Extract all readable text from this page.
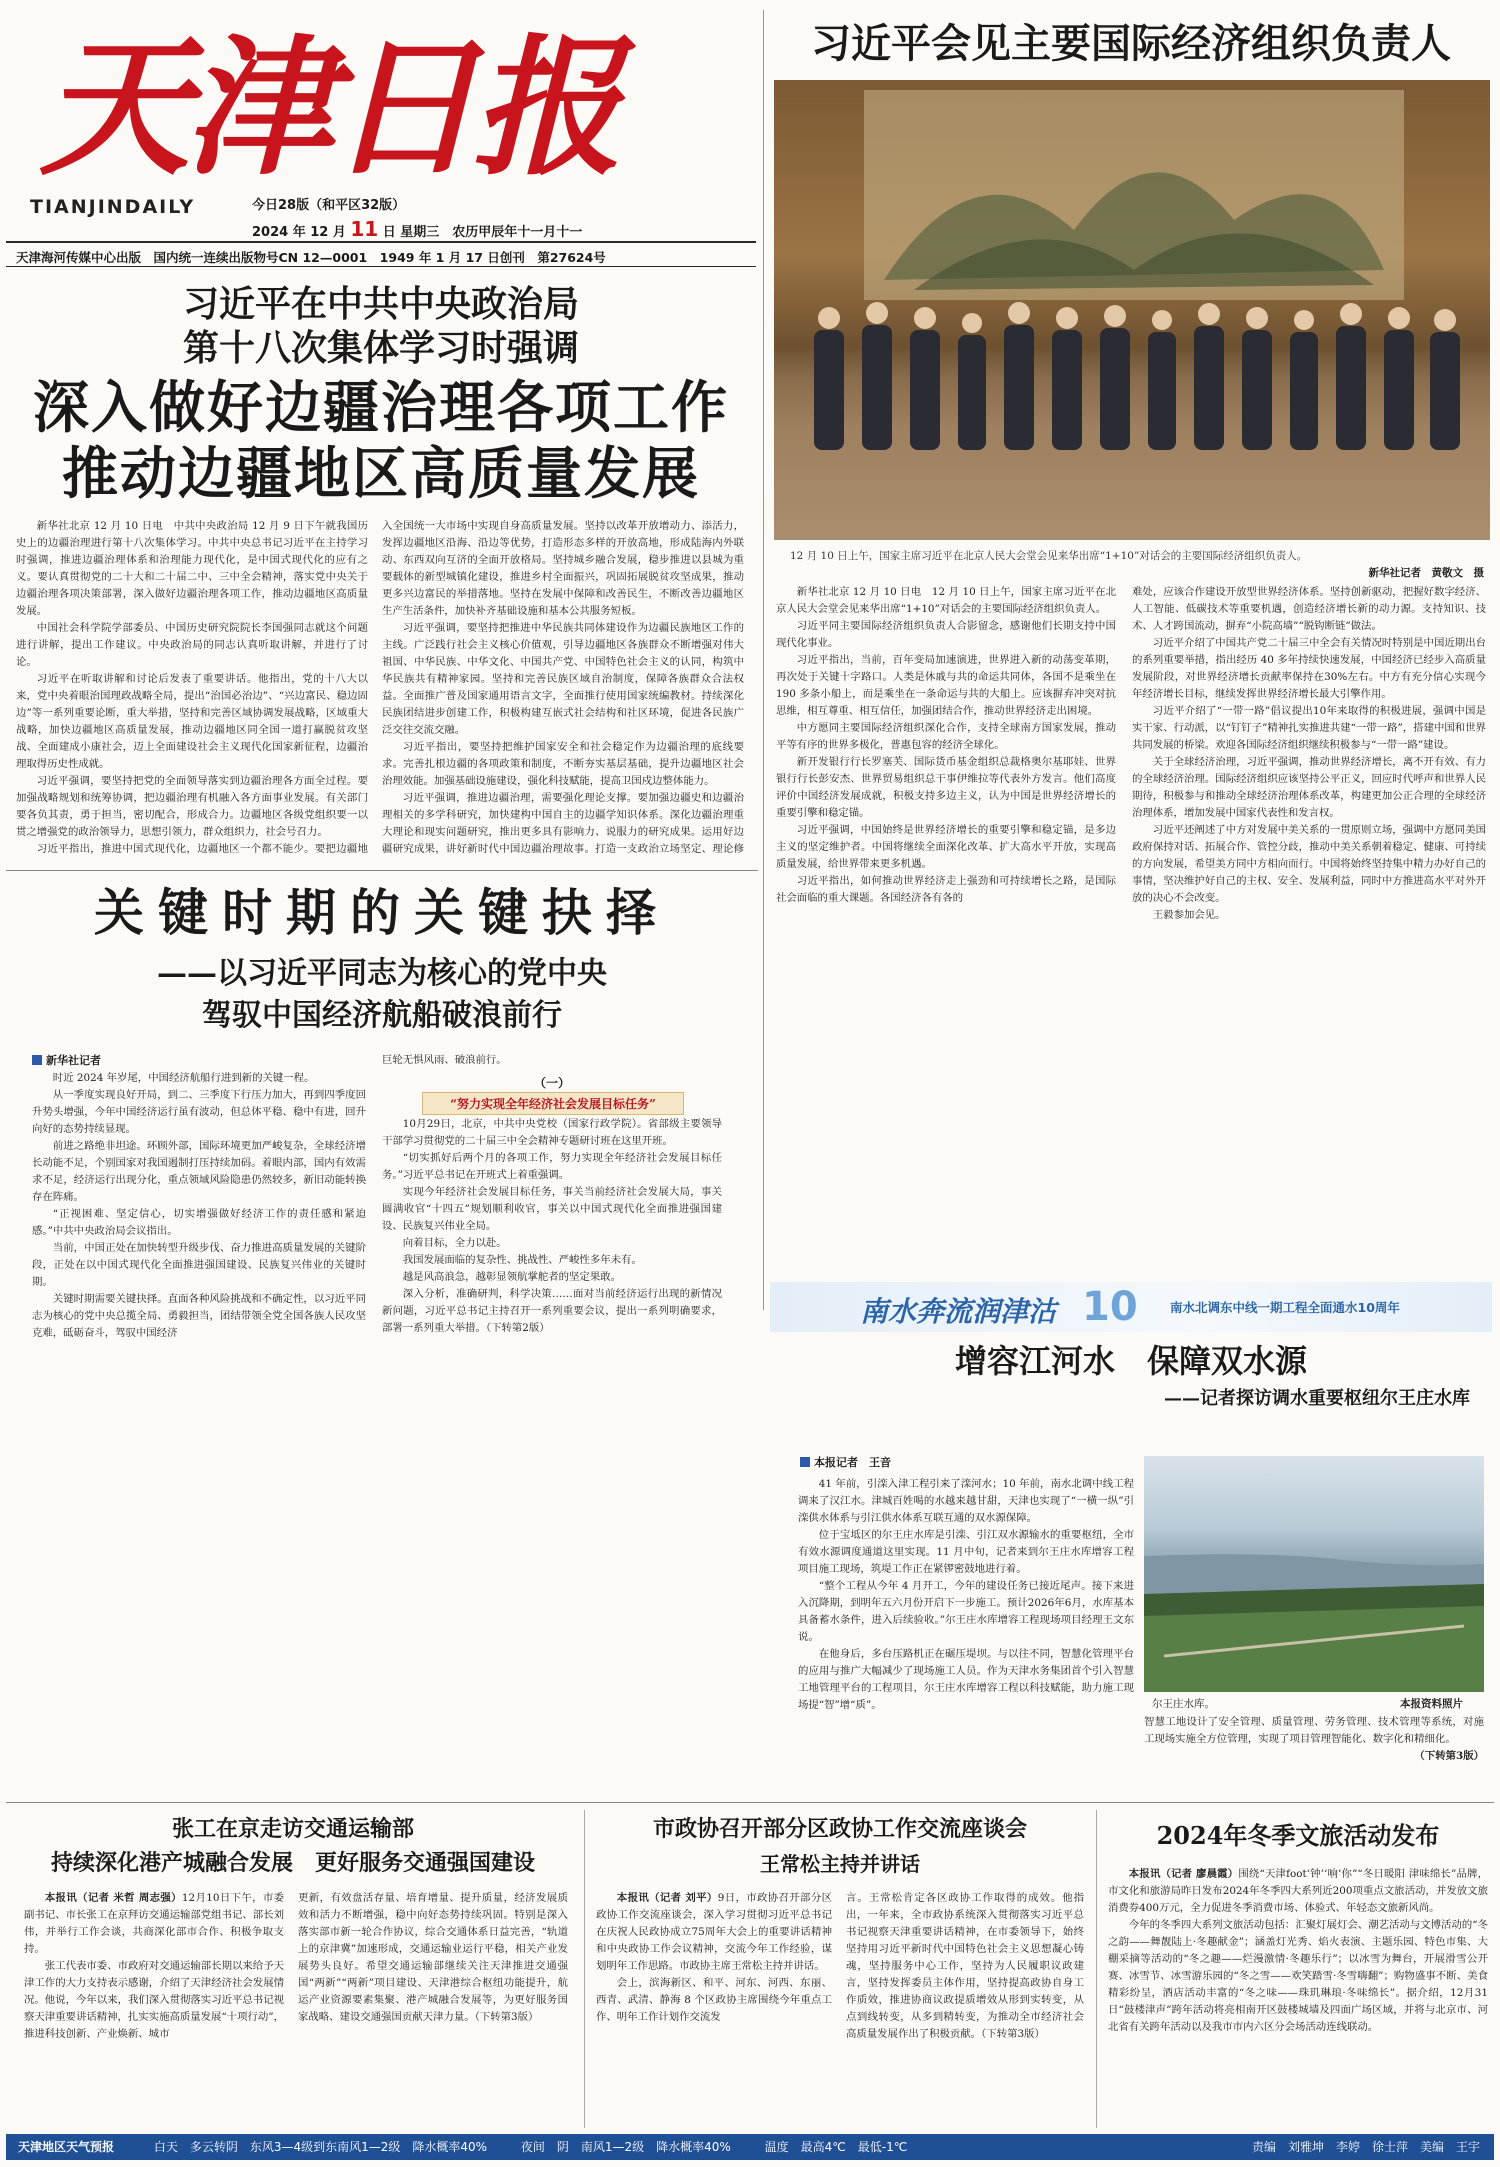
天津日报
TIANJINDAILY	今日28版（和平区32版）
2024 年 12 月 11 日 星期三　农历甲辰年十一月十一
天津海河传媒中心出版　国内统一连续出版物号CN 12—0001　1949 年 1 月 17 日创刊　第27624号
习近平在中共中央政治局
第十八次集体学习时强调
深入做好边疆治理各项工作
推动边疆地区高质量发展

新华社北京 12 月 10 日电　中共中央政治局 12 月 9 日下午就我国历史上的边疆治理进行第十八次集体学习。中共中央总书记习近平在主持学习时强调，推进边疆治理体系和治理能力现代化，是中国式现代化的应有之义。要认真贯彻党的二十大和二十届二中、三中全会精神，落实党中央关于边疆治理各项决策部署，深入做好边疆治理各项工作，推动边疆地区高质量发展。

中国社会科学院学部委员、中国历史研究院院长李国强同志就这个问题进行讲解，提出工作建议。中央政治局的同志认真听取讲解，并进行了讨论。

习近平在听取讲解和讨论后发表了重要讲话。他指出，党的十八大以来，党中央着眼治国理政战略全局，提出“治国必治边”、“兴边富民、稳边固边”等一系列重要论断，重大举措，坚持和完善区域协调发展战略，区域重大战略，加快边疆地区高质量发展，推动边疆地区同全国一道打赢脱贫攻坚战、全面建成小康社会，迈上全面建设社会主义现代化国家新征程，边疆治理取得历史性成就。

习近平强调，要坚持把党的全面领导落实到边疆治理各方面全过程。要加强战略规划和统筹协调，把边疆治理有机融入各方面事业发展。有关部门要各负其责，勇于担当，密切配合，形成合力。边疆地区各级党组织要一以贯之增强党的政治领导力，思想引领力，群众组织力，社会号召力。

习近平指出，推进中国式现代化，边疆地区一个都不能少。要把边疆地

入全国统一大市场中实现自身高质量发展。坚持以改革开放增动力、添活力，发挥边疆地区沿海、沿边等优势，打造形态多样的开放高地，形成陆海内外联动、东西双向互济的全面开放格局。坚持城乡融合发展，稳步推进以县城为重要载体的新型城镇化建设，推进乡村全面振兴，巩固拓展脱贫攻坚成果，推动更多兴边富民的举措落地。坚持在发展中保障和改善民生，不断改善边疆地区生产生活条件，加快补齐基础设施和基本公共服务短板。

习近平强调，要坚持把推进中华民族共同体建设作为边疆民族地区工作的主线。广泛践行社会主义核心价值观，引导边疆地区各族群众不断增强对伟大祖国、中华民族、中华文化、中国共产党、中国特色社会主义的认同，构筑中华民族共有精神家园。坚持和完善民族区域自治制度，保障各族群众合法权益。全面推广普及国家通用语言文字，全面推行使用国家统编教材。持续深化民族团结进步创建工作，积极构建互嵌式社会结构和社区环境，促进各民族广泛交往交流交融。

习近平指出，要坚持把维护国家安全和社会稳定作为边疆治理的底线要求。完善扎根边疆的各项政策和制度，不断夯实基层基础，提升边疆地区社会治理效能。加强基础设施建设，强化科技赋能，提高卫国戍边整体能力。

习近平强调，推进边疆治理，需要强化理论支撑。要加强边疆史和边疆治理相关的多学科研究，加快建构中国自主的边疆学知识体系。深化边疆治理重大理论和现实问题研究，推出更多具有影响力、说服力的研究成果。运用好边疆研究成果，讲好新时代中国边疆治理故事。打造一支政治立场坚定、理论修

习近平会见主要国际经济组织负责人
12 月 10 日上午，国家主席习近平在北京人民大会堂会见来华出席“1+10”对话会的主要国际经济组织负责人。
新华社记者　黄敬文　摄

新华社北京 12 月 10 日电　12 月 10 日上午，国家主席习近平在北京人民大会堂会见来华出席“1+10”对话会的主要国际经济组织负责人。

习近平同主要国际经济组织负责人合影留念，感谢他们长期支持中国现代化事业。

习近平指出，当前，百年变局加速演进，世界进入新的动荡变革期，再次处于关键十字路口。人类是休戚与共的命运共同体，各国不是乘坐在 190 多条小船上，而是乘坐在一条命运与共的大船上。应该摒弃冲突对抗思维，相互尊重、相互信任，加强团结合作，推动世界经济走出困境。

中方愿同主要国际经济组织深化合作，支持全球南方国家发展，推动平等有序的世界多极化，普惠包容的经济全球化。

新开发银行行长罗塞芙、国际货币基金组织总裁格奥尔基耶娃、世界银行行长彭安杰、世界贸易组织总干事伊维拉等代表外方发言。他们高度评价中国经济发展成就，积极支持多边主义，认为中国是世界经济增长的重要引擎和稳定锚。

习近平强调，中国始终是世界经济增长的重要引擎和稳定锚，是多边主义的坚定维护者。中国将继续全面深化改革、扩大高水平开放，实现高质量发展，给世界带来更多机遇。

习近平指出，如何推动世界经济走上强劲和可持续增长之路，是国际社会面临的重大课题。各国经济各有各的

难处，应该合作建设开放型世界经济体系。坚持创新驱动，把握好数字经济、人工智能、低碳技术等重要机遇，创造经济增长新的动力源。支持知识、技术、人才跨国流动，摒弃“小院高墙”“脱钩断链”做法。

习近平介绍了中国共产党二十届三中全会有关情况时特别是中国近期出台的系列重要举措，指出经历 40 多年持续快速发展，中国经济已经步入高质量发展阶段，对世界经济增长贡献率保持在30%左右。中方有充分信心实现今年经济增长目标，继续发挥世界经济增长最大引擎作用。

习近平介绍了“一带一路”倡议提出10年来取得的积极进展，强调中国是实干家、行动派，以“钉钉子”精神扎实推进共建“一带一路”，搭建中国和世界共同发展的桥梁。欢迎各国际经济组织继续积极参与“一带一路”建设。

关于全球经济治理，习近平强调，推动世界经济增长，离不开有效、有力的全球经济治理。国际经济组织应该坚持公平正义，回应时代呼声和世界人民期待，积极参与和推动全球经济治理体系改革，构建更加公正合理的全球经济治理体系，增加发展中国家代表性和发言权。

习近平还阐述了中方对发展中美关系的一贯原则立场，强调中方愿同美国政府保持对话、拓展合作、管控分歧，推动中美关系朝着稳定、健康、可持续的方向发展，希望美方同中方相向而行。中国将始终坚持集中精力办好自己的事情，坚决维护好自己的主权、安全、发展利益，同时中方推进高水平对外开放的决心不会改变。

王毅参加会见。

关键时期的关键抉择
——以习近平同志为核心的党中央
驾驭中国经济航船破浪前行
新华社记者

时近 2024 年岁尾，中国经济航船行进到新的关键一程。

从一季度实现良好开局，到二、三季度下行压力加大，再到四季度回升势头增强，今年中国经济运行虽有波动，但总体平稳、稳中有进，回升向好的态势持续显现。

前进之路绝非坦途。环顾外部，国际环境更加严峻复杂，全球经济增长动能不足，个别国家对我国遏制打压持续加码。着眼内部，国内有效需求不足，经济运行出现分化，重点领域风险隐患仍然较多，新旧动能转换存在阵痛。

“正视困难、坚定信心，切实增强做好经济工作的责任感和紧迫感。”中共中央政治局会议指出。

当前，中国正处在加快转型升级步伐、奋力推进高质量发展的关键阶段，正处在以中国式现代化全面推进强国建设、民族复兴伟业的关键时期。

关键时期需要关键抉择。直面各种风险挑战和不确定性，以习近平同志为核心的党中央总揽全局、勇毅担当，团结带领全党全国各族人民攻坚克难，砥砺奋斗，驾驭中国经济

巨轮无惧风雨、破浪前行。

（一）
“努力实现全年经济社会发展目标任务”

10月29日，北京，中共中央党校（国家行政学院）。省部级主要领导干部学习贯彻党的二十届三中全会精神专题研讨班在这里开班。

“切实抓好后两个月的各项工作，努力实现全年经济社会发展目标任务。”习近平总书记在开班式上着重强调。

实现今年经济社会发展目标任务，事关当前经济社会发展大局，事关圆满收官“十四五”规划顺利收官，事关以中国式现代化全面推进强国建设、民族复兴伟业全局。

向着目标，全力以赴。

我国发展面临的复杂性、挑战性、严峻性多年未有。

越是风高浪急，越彰显领航掌舵者的坚定果敢。

深入分析，准确研判，科学决策……面对当前经济运行出现的新情况新问题，习近平总书记主持召开一系列重要会议，提出一系列明确要求，部署一系列重大举措。（下转第2版）	南水奔流润津沽 10	南水北调东中线一期工程全面通水10周年
增容江河水　保障双水源
——记者探访调水重要枢纽尔王庄水库
本报记者　王音

41 年前，引滦入津工程引来了滦河水；10 年前，南水北调中线工程调来了汉江水。津城百姓喝的水越来越甘甜，天津也实现了“一横一纵”引滦供水体系与引江供水体系互联互通的双水源保障。

位于宝坻区的尔王庄水库是引滦、引江双水源输水的重要枢纽，全市有效水源调度通道这里实现。11 月中旬，记者来到尔王庄水库增容工程项目施工现场，筑堤工作正在紧锣密鼓地进行着。

“整个工程从今年 4 月开工，今年的建设任务已接近尾声。接下来进入沉降期，到明年五六月份开启下一步施工。预计2026年6月，水库基本具备蓄水条件，进入后续验收。”尔王庄水库增容工程现场项目经理王文东说。

在他身后，多台压路机正在碾压堤坝。与以往不同，智慧化管理平台的应用与推广大幅减少了现场施工人员。作为天津水务集团首个引入智慧工地管理平台的工程项目，尔王庄水库增容工程以科技赋能，助力施工现场提“智”增“质”。	尔王庄水库。	本报资料照片

智慧工地设计了安全管理、质量管理、劳务管理、技术管理等系统，对施工现场实施全方位管理，实现了项目管理智能化、数字化和精细化。

（下转第3版）

张工在京走访交通运输部
持续深化港产城融合发展　更好服务交通强国建设

本报讯（记者 米哲 周志强）12月10日下午，市委副书记、市长张工在京拜访交通运输部党组书记、部长刘伟，并举行工作会谈，共商深化部市合作、积极争取支持。

张工代表市委、市政府对交通运输部长期以来给予天津工作的大力支持表示感谢，介绍了天津经济社会发展情况。他说，今年以来，我们深入贯彻落实习近平总书记视察天津重要讲话精神，扎实实施高质量发展“十项行动”，推进科技创新、产业焕新、城市

更新，有效盘活存量、培育增量、提升质量，经济发展质效和活力不断增强，稳中向好态势持续巩固。特别是深入落实部市新一轮合作协议，综合交通体系日益完善，“轨道上的京津冀”加速形成，交通运输业运行平稳，相关产业发展势头良好。希望交通运输部继续关注天津推进交通强国“两新”“两新”项目建设、天津港综合枢纽功能提升，航运产业资源要素集聚、港产城融合发展等，为更好服务国家战略、建设交通强国贡献天津力量。（下转第3版）

市政协召开部分区政协工作交流座谈会
王常松主持并讲话

本报讯（记者 刘平）9日，市政协召开部分区政协工作交流座谈会，深入学习贯彻习近平总书记在庆祝人民政协成立75周年大会上的重要讲话精神和中央政协工作会议精神，交流今年工作经验，谋划明年工作思路。市政协主席王常松主持并讲话。

会上，滨海新区、和平、河东、河西、东丽、西青、武清、静海 8 个区政协主席围绕今年重点工作、明年工作计划作交流发

言。王常松肯定各区政协工作取得的成效。他指出，一年来，全市政协系统深入贯彻落实习近平总书记视察天津重要讲话精神，在市委领导下，始终坚持用习近平新时代中国特色社会主义思想凝心铸魂，坚持服务中心工作，坚持为人民履职议政建言，坚持发挥委员主体作用，坚持提高政协自身工作质效，推进协商议政提质增效从形到实转变，从点到线转变，从多到精转变，为推动全市经济社会高质量发展作出了积极贡献。（下转第3版）

2024年冬季文旅活动发布

本报讯（记者 廖晨霞）围绕“天津foot‘钟’‘响’你”“冬日暖阳 津味绵长”品牌，市文化和旅游局昨日发布2024年冬季四大系列近200项重点文旅活动，并发放文旅消费券400万元，全力促进冬季消费市场、体验式、年轻态文旅新风尚。

今年的冬季四大系列文旅活动包括：汇聚灯展灯会、潮艺活动与文博活动的“冬之韵——舞靓陆上·冬趣献金”；涵盖灯光秀、焰火表演、主题乐园、特色市集、大棚采摘等活动的“冬之趣——烂漫激情·冬趣乐行”；以冰雪为舞台，开展滑雪公开赛、冰雪节、冰雪游乐园的“冬之雪——欢笑踏雪·冬雪嗨翻”；购物盛事不断、美食精彩纷呈，酒店活动丰富的“冬之味——珠玑琳琅·冬味绵长”。据介绍，12月31日“鼓楼津声”跨年活动将亮相南开区鼓楼城墙及四面广场区域，并将与北京市、河北省有关跨年活动以及我市市内六区分会场活动连线联动。

天津地区天气预报	白天　多云转阴　东风3—4级到东南风1—2级　降水概率40%	夜间　阴　南风1—2级　降水概率40%	温度　最高4℃　最低-1℃	责编　刘雅坤　李婷　徐士萍　美编　王宇
